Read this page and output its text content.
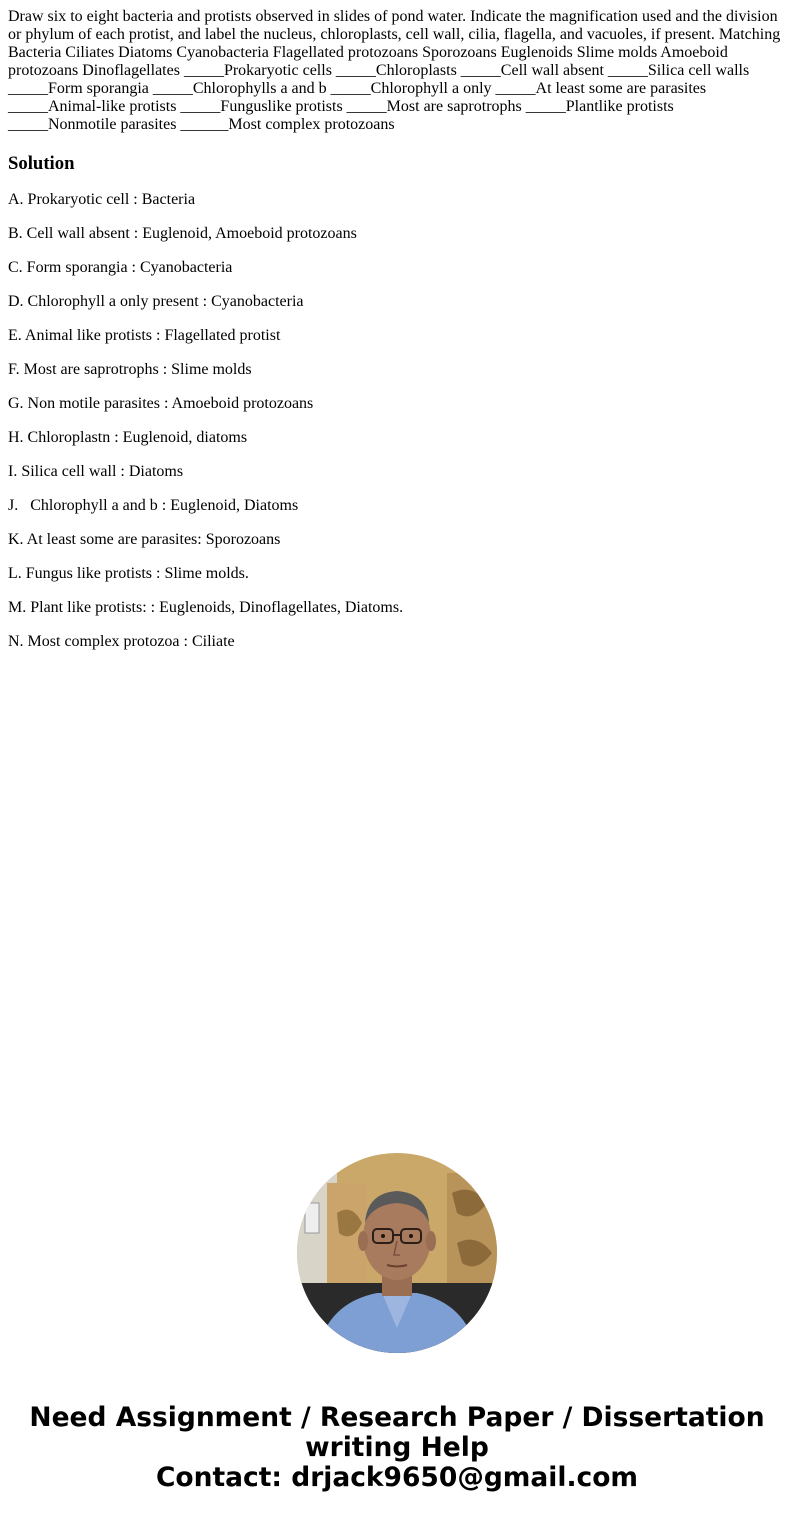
Draw six to eight bacteria and protists observed in slides of pond water. Indicate the magnification used and the division or phylum of each protist, and label the nucleus, chloroplasts, cell wall, cilia, flagella, and vacuoles, if present. Matching Bacteria Ciliates Diatoms Cyanobacteria Flagellated protozoans Sporozoans Euglenoids Slime molds Amoeboid protozoans Dinoflagellates _____Prokaryotic cells _____Chloroplasts _____Cell wall absent _____Silica cell walls _____Form sporangia _____Chlorophylls a and b _____Chlorophyll a only _____At least some are parasites _____Animal-like protists _____Funguslike protists _____Most are saprotrophs _____Plantlike protists _____Nonmotile parasites ______Most complex protozoans

Solution
A. Prokaryotic cell : Bacteria
B. Cell wall absent : Euglenoid, Amoeboid protozoans
C. Form sporangia : Cyanobacteria
D. Chlorophyll a only present : Cyanobacteria
E. Animal like protists : Flagellated protist
F. Most are saprotrophs : Slime molds
G. Non motile parasites : Amoeboid protozoans
H. Chloroplastn : Euglenoid, diatoms
I. Silica cell wall : Diatoms
J.   Chlorophyll a and b : Euglenoid, Diatoms
K. At least some are parasites: Sporozoans
L. Fungus like protists : Slime molds.
M. Plant like protists: : Euglenoids, Dinoflagellates, Diatoms.
N. Most complex protozoa : Ciliate
Need Assignment / Research Paper / Dissertation
writing Help
Contact: drjack9650@gmail.com
